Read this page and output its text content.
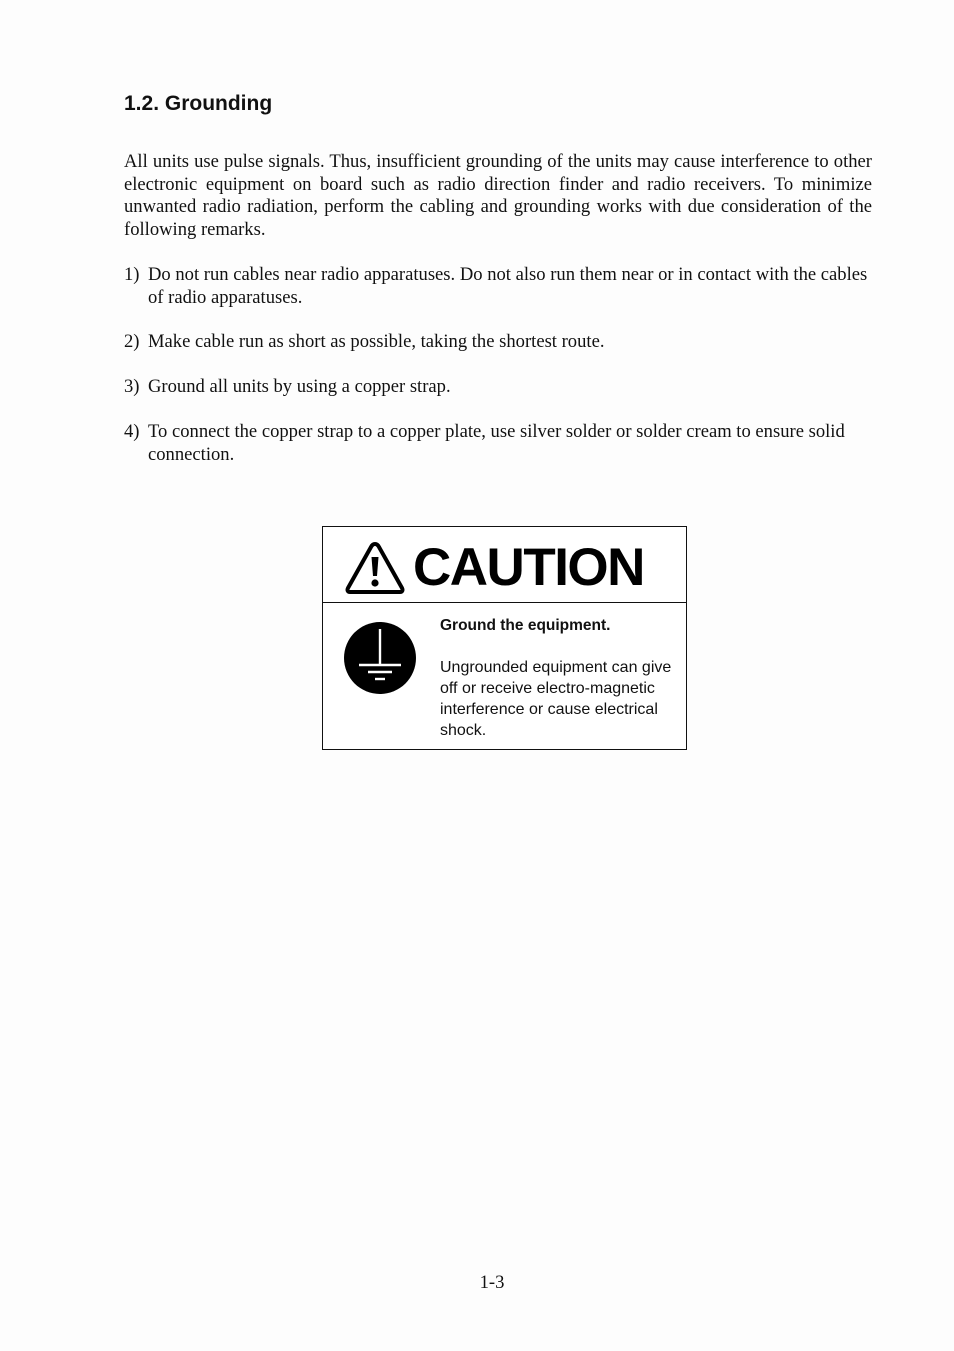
1.2. Grounding

All units use pulse signals. Thus, insufficient grounding of the units may cause interference to other electronic equipment on board such as radio direction finder and radio receivers. To minimize unwanted radio radiation, perform the cabling and grounding works with due consideration of the following remarks.

1) Do not run cables near radio apparatuses. Do not also run them near or in contact with the cables of radio apparatuses.
2) Make cable run as short as possible, taking the shortest route.
3) Ground all units by using a copper strap.
4) To connect the copper strap to a copper plate, use silver solder or solder cream to ensure solid connection.
CAUTION

Ground the equipment.

Ungrounded equipment can give off or receive electro-magnetic interference or cause electrical shock.

1-3
